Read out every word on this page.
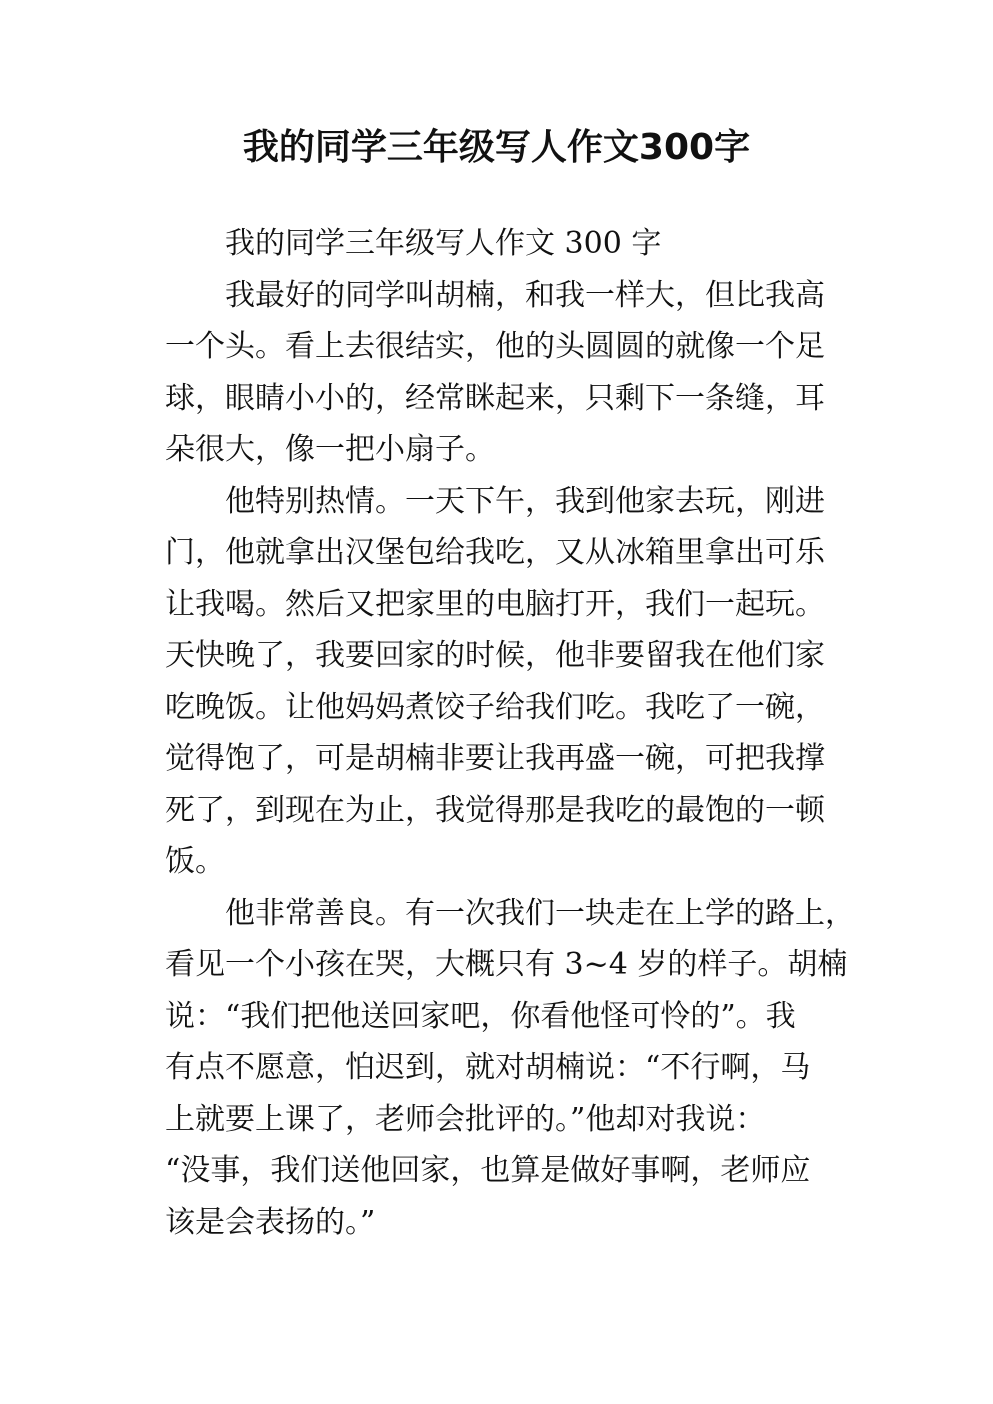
我的同学三年级写人作文300字
我的同学三年级写人作文 300 字
我最好的同学叫胡楠，和我一样大，但比我高
一个头。看上去很结实，他的头圆圆的就像一个足
球，眼睛小小的，经常眯起来，只剩下一条缝，耳
朵很大，像一把小扇子。
他特别热情。一天下午，我到他家去玩，刚进
门，他就拿出汉堡包给我吃，又从冰箱里拿出可乐
让我喝。然后又把家里的电脑打开，我们一起玩。
天快晚了，我要回家的时候，他非要留我在他们家
吃晚饭。让他妈妈煮饺子给我们吃。我吃了一碗，
觉得饱了，可是胡楠非要让我再盛一碗，可把我撑
死了，到现在为止，我觉得那是我吃的最饱的一顿
饭。
他非常善良。有一次我们一块走在上学的路上，
看见一个小孩在哭，大概只有 3~4 岁的样子。胡楠
说：“我们把他送回家吧，你看他怪可怜的”。我
有点不愿意，怕迟到，就对胡楠说：“不行啊，马
上就要上课了，老师会批评的。”他却对我说：
“没事，我们送他回家，也算是做好事啊，老师应
该是会表扬的。”
